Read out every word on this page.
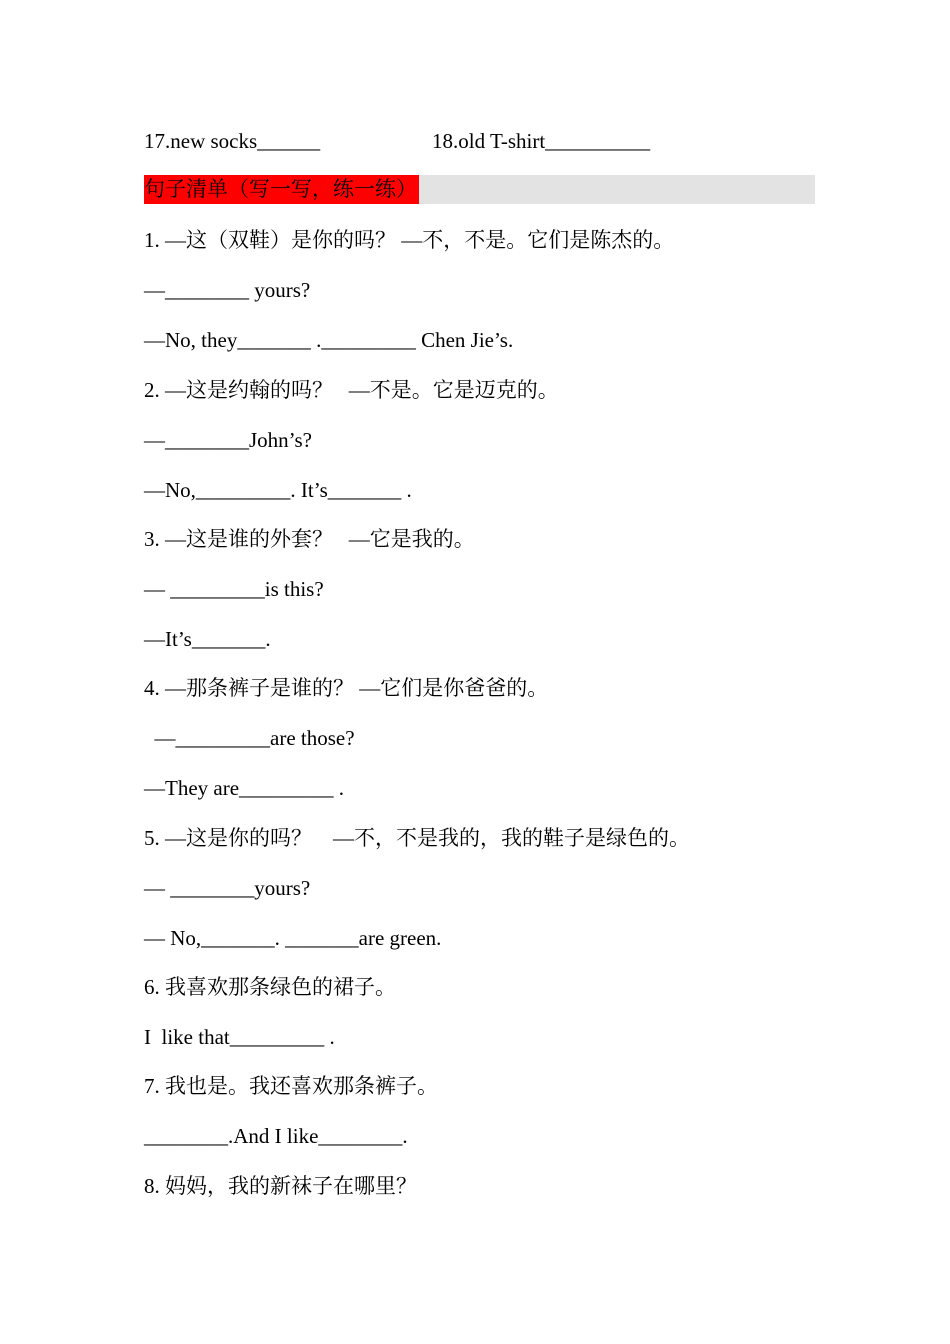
17.new socks______	18.old T-shirt__________
句子清单（写一写，练一练）
1. —这（双鞋）是你的吗？ —不，不是。它们是陈杰的。
—________ yours?
—No, they_______ ._________ Chen Jie’s.
2. —这是约翰的吗？   —不是。它是迈克的。
—________John’s?
—No,_________. It’s_______ .
3. —这是谁的外套？   —它是我的。
— _________is this?
—It’s_______.
4. —那条裤子是谁的？ —它们是你爸爸的。
—_________are those?
—They are_________ .
5. —这是你的吗？    —不，不是我的，我的鞋子是绿色的。
— ________yours?
— No,_______. _______are green.
6. 我喜欢那条绿色的裙子。
I  like that_________ .
7. 我也是。我还喜欢那条裤子。
________.And I like________.
8. 妈妈，我的新袜子在哪里？
